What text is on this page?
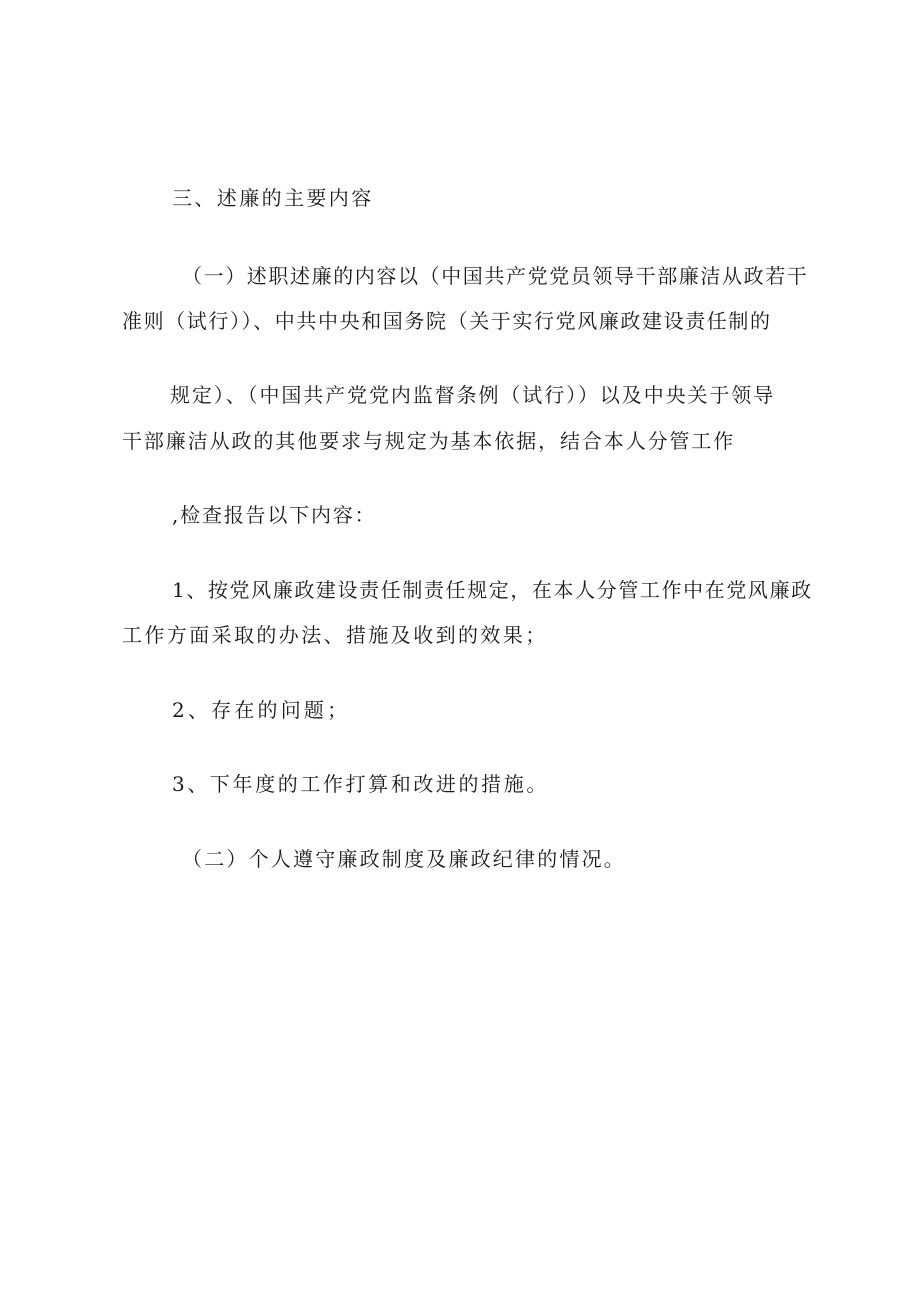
三、述廉的主要内容
（一）述职述廉的内容以（中国共产党党员领导干部廉洁从政若干
准则（试行））、中共中央和国务院（关于实行党风廉政建设责任制的
规定）、（中国共产党党内监督条例（试行））以及中央关于领导
干部廉洁从政的其他要求与规定为基本依据，结合本人分管工作
,检查报告以下内容：
1、按党风廉政建设责任制责任规定，在本人分管工作中在党风廉政
工作方面采取的办法、措施及收到的效果；
2、存在的问题；
3、下年度的工作打算和改进的措施。
（二）个人遵守廉政制度及廉政纪律的情况。
